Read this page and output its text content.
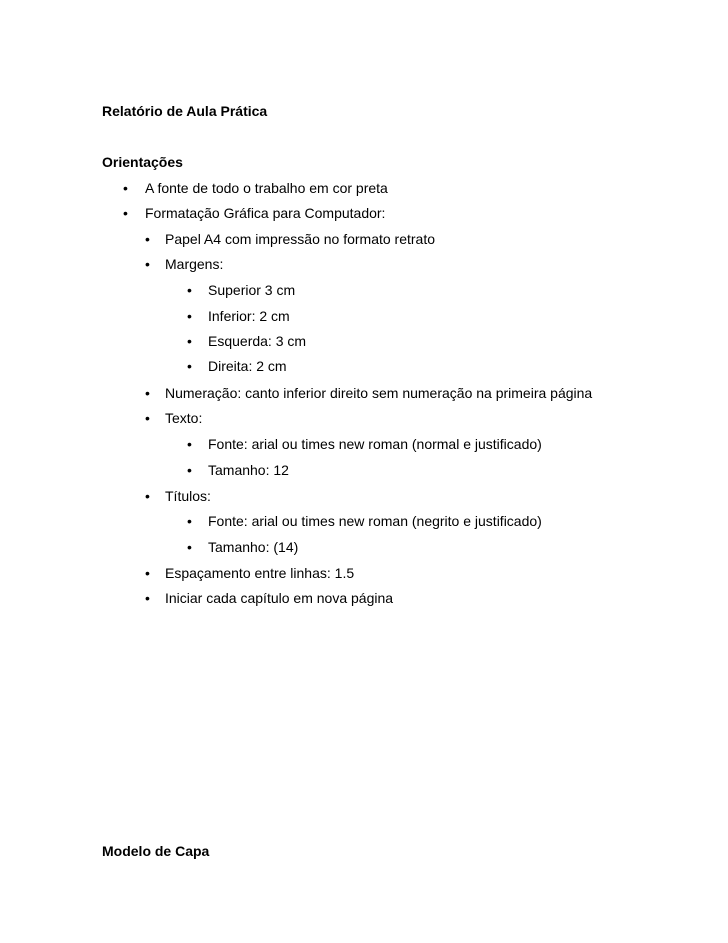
Relatório de Aula Prática
Orientações
• A fonte de todo o trabalho em cor preta
• Formatação Gráfica para Computador:
• Papel A4 com impressão no formato retrato
• Margens:
• Superior 3 cm
• Inferior: 2 cm
• Esquerda: 3 cm
• Direita: 2 cm
• Numeração: canto inferior direito sem numeração na primeira página
• Texto:
• Fonte: arial ou times new roman (normal e justificado)
• Tamanho: 12
• Títulos:
• Fonte: arial ou times new roman (negrito e justificado)
• Tamanho: (14)
• Espaçamento entre linhas: 1.5
• Iniciar cada capítulo em nova página
Modelo de Capa
